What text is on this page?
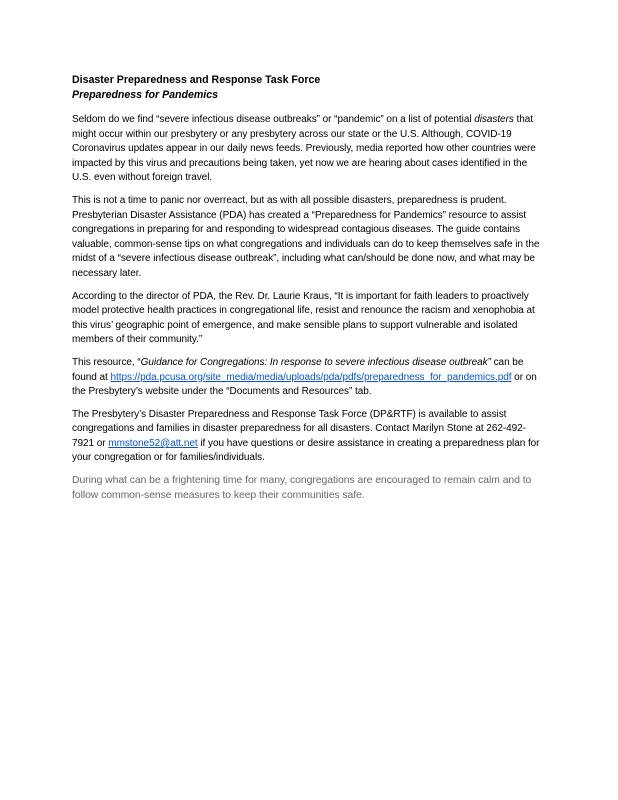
Disaster Preparedness and Response Task Force
Preparedness for Pandemics

Seldom do we find “severe infectious disease outbreaks” or “pandemic” on a list of potential disasters that might occur within our presbytery or any presbytery across our state or the U.S. Although, COVID-19 Coronavirus updates appear in our daily news feeds. Previously, media reported how other countries were impacted by this virus and precautions being taken, yet now we are hearing about cases identified in the U.S. even without foreign travel.

This is not a time to panic nor overreact, but as with all possible disasters, preparedness is prudent. Presbyterian Disaster Assistance (PDA) has created a “Preparedness for Pandemics” resource to assist congregations in preparing for and responding to widespread contagious diseases. The guide contains valuable, common-sense tips on what congregations and individuals can do to keep themselves safe in the midst of a “severe infectious disease outbreak”, including what can/should be done now, and what may be necessary later.

According to the director of PDA, the Rev. Dr. Laurie Kraus, “It is important for faith leaders to proactively model protective health practices in congregational life, resist and renounce the racism and xenophobia at this virus’ geographic point of emergence, and make sensible plans to support vulnerable and isolated members of their community.”

This resource, “Guidance for Congregations: In response to severe infectious disease outbreak” can be found at https://pda.pcusa.org/site_media/media/uploads/pda/pdfs/preparedness_for_pandemics.pdf or on the Presbytery’s website under the “Documents and Resources” tab.

The Presbytery’s Disaster Preparedness and Response Task Force (DP&RTF) is available to assist congregations and families in disaster preparedness for all disasters. Contact Marilyn Stone at 262-492-7921 or mmstone52@att.net if you have questions or desire assistance in creating a preparedness plan for your congregation or for families/individuals.

During what can be a frightening time for many, congregations are encouraged to remain calm and to follow common-sense measures to keep their communities safe.
